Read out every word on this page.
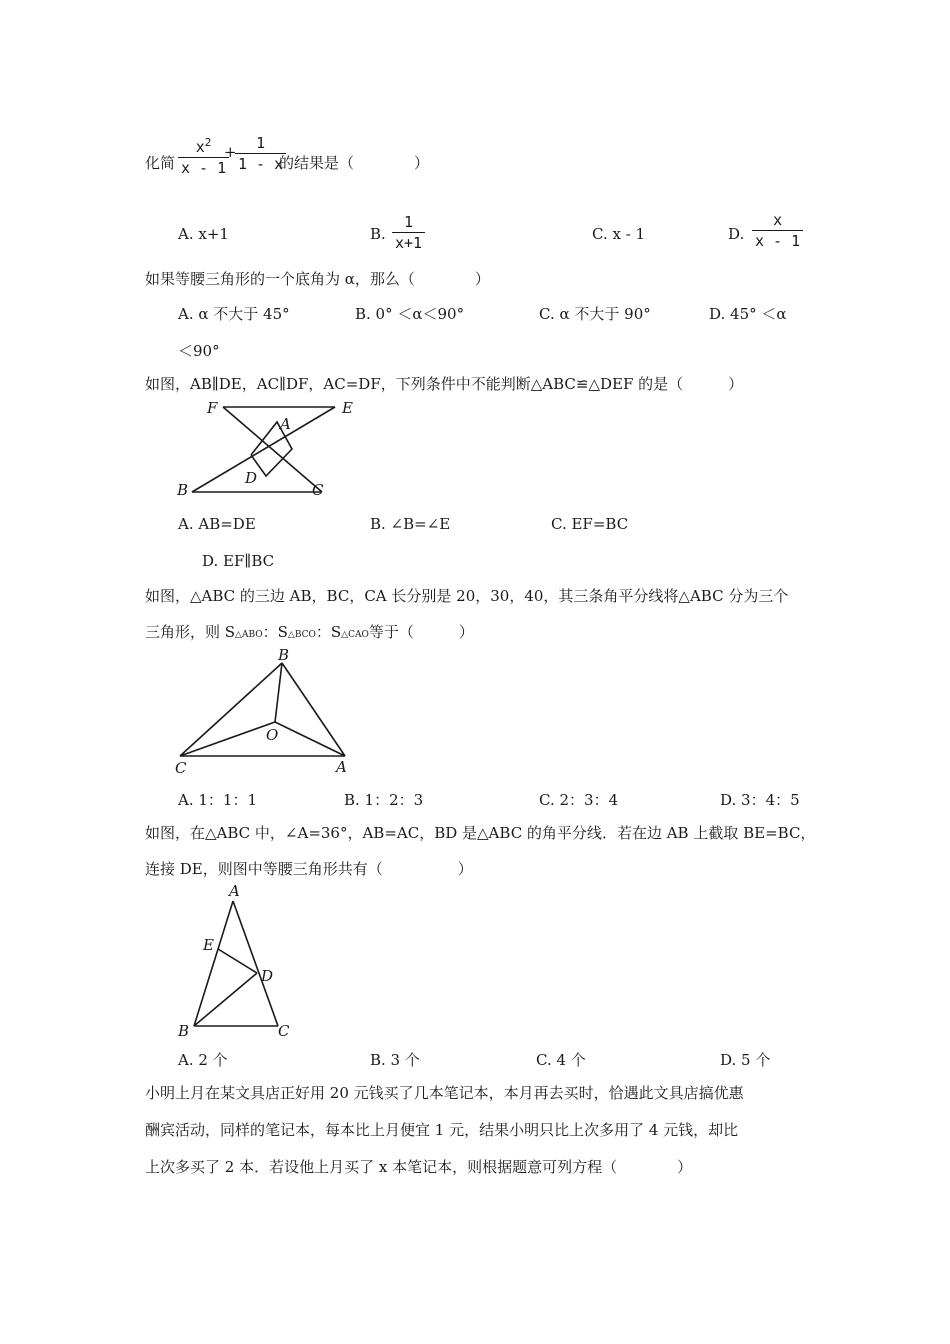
化简 $\frac{x^2}{x - 1}$
+
$\frac{1}{1 - x}$
的结果是（　　　　）
A. x+1	B. $\frac{1}{x+1}$	C. x - 1	D. $\frac{x}{x - 1}$
如果等腰三角形的一个底角为 α，那么（　　　　）
A. α 不大于 45°	B. 0° ＜α＜90°	C. α 不大于 90°	D. 45° ＜α
＜90°
如图，AB∥DE，AC∥DF，AC=DF，下列条件中不能判断△ABC≌△DEF 的是（　　　）
F	E
A
D
B	C
A. AB=DE	B. ∠B=∠E	C. EF=BC
D. EF∥BC
如图，△ABC 的三边 AB，BC，CA 长分别是 20，30，40，其三条角平分线将△ABC 分为三个
三角形，则 S△ABO：S△BCO：S△CAO等于（　　　）
B
O
C	A
A. 1：1：1	B. 1：2：3	C. 2：3：4	D. 3：4：5
如图，在△ABC 中，∠A=36°，AB=AC，BD 是△ABC 的角平分线．若在边 AB 上截取 BE=BC，
连接 DE，则图中等腰三角形共有（　　　　　）
A
E
D
B	C
A. 2 个	B. 3 个	C. 4 个	D. 5 个
小明上月在某文具店正好用 20 元钱买了几本笔记本，本月再去买时，恰遇此文具店搞优惠
酬宾活动，同样的笔记本，每本比上月便宜 1 元，结果小明只比上次多用了 4 元钱，却比
上次多买了 2 本．若设他上月买了 x 本笔记本，则根据题意可列方程（　　　　）
